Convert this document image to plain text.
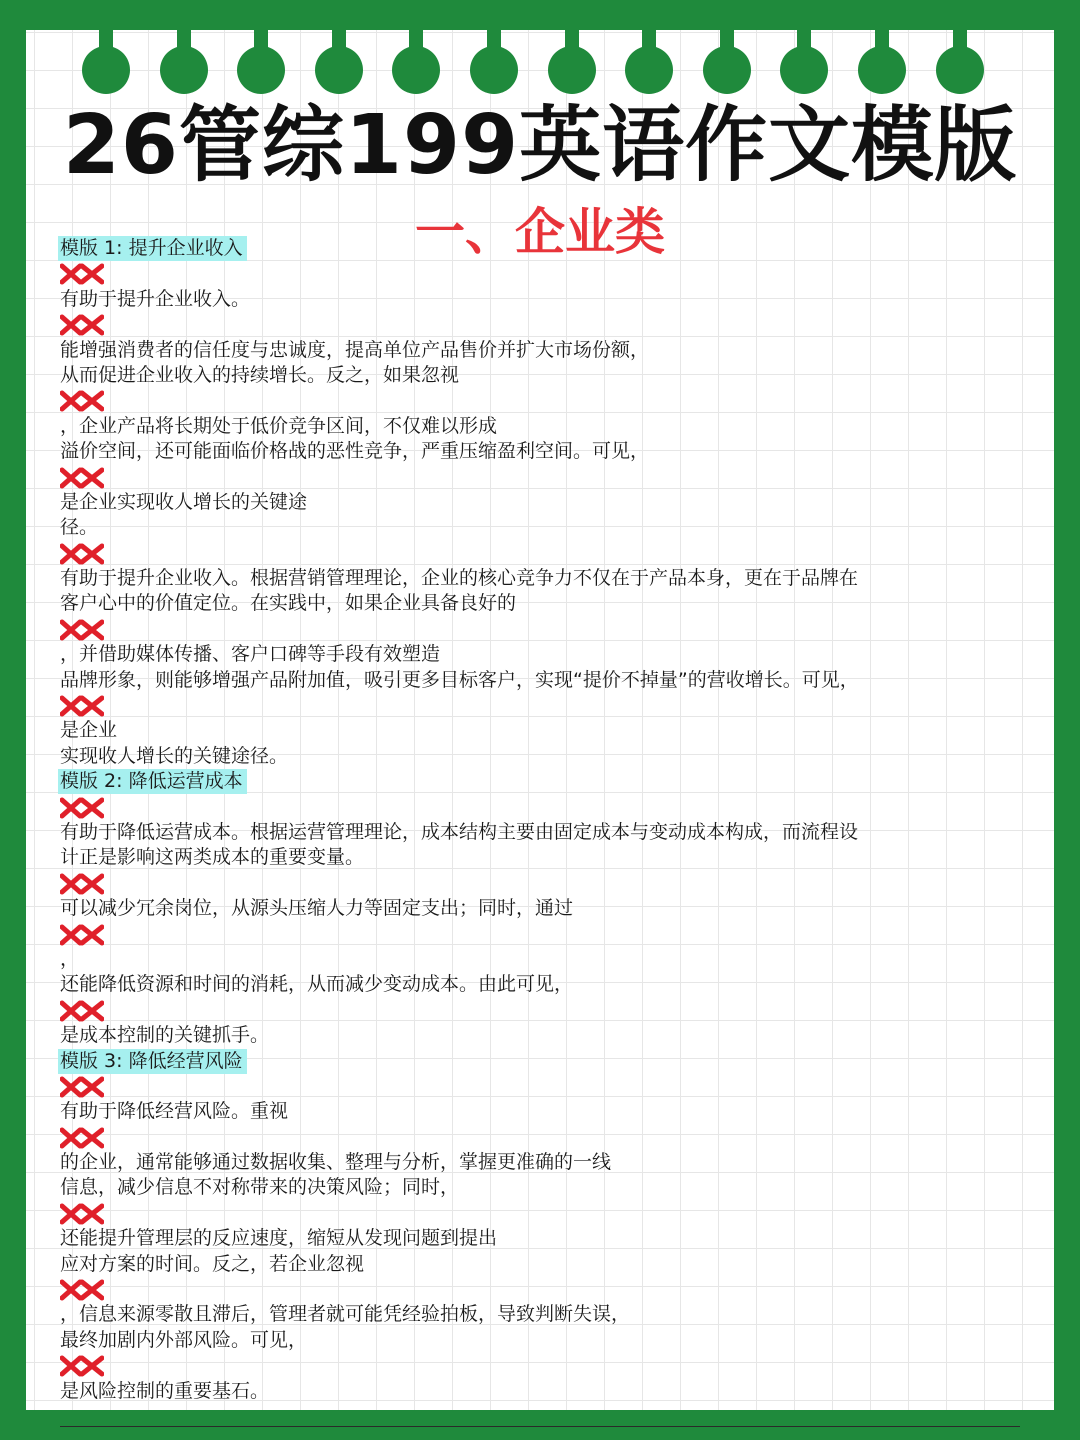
26管综199英语作文模版
一、企业类
模版 1: 提升企业收入
有助于提升企业收入。
能增强消费者的信任度与忠诚度，提高单位产品售价并扩大市场份额，
从而促进企业收入的持续增长。反之，如果忽视
，企业产品将长期处于低价竞争区间，不仅难以形成
溢价空间，还可能面临价格战的恶性竞争，严重压缩盈利空间。可见，
是企业实现收人增长的关键途
径。
有助于提升企业收入。根据营销管理理论，企业的核心竞争力不仅在于产品本身，更在于品牌在
客户心中的价值定位。在实践中，如果企业具备良好的
，并借助媒体传播、客户口碑等手段有效塑造
品牌形象，则能够增强产品附加值，吸引更多目标客户，实现“提价不掉量”的营收增长。可见，
是企业
实现收人增长的关键途径。
模版 2: 降低运营成本
有助于降低运营成本。根据运营管理理论，成本结构主要由固定成本与变动成本构成，而流程设
计正是影响这两类成本的重要变量。
可以减少冗余岗位，从源头压缩人力等固定支出；同时，通过
，
还能降低资源和时间的消耗，从而减少变动成本。由此可见，
是成本控制的关键抓手。
模版 3: 降低经营风险
有助于降低经营风险。重视
的企业，通常能够通过数据收集、整理与分析，掌握更准确的一线
信息，减少信息不对称带来的决策风险；同时，
还能提升管理层的反应速度，缩短从发现问题到提出
应对方案的时间。反之，若企业忽视
，信息来源零散且滞后，管理者就可能凭经验拍板，导致判断失误，
最终加剧内外部风险。可见，
是风险控制的重要基石。
